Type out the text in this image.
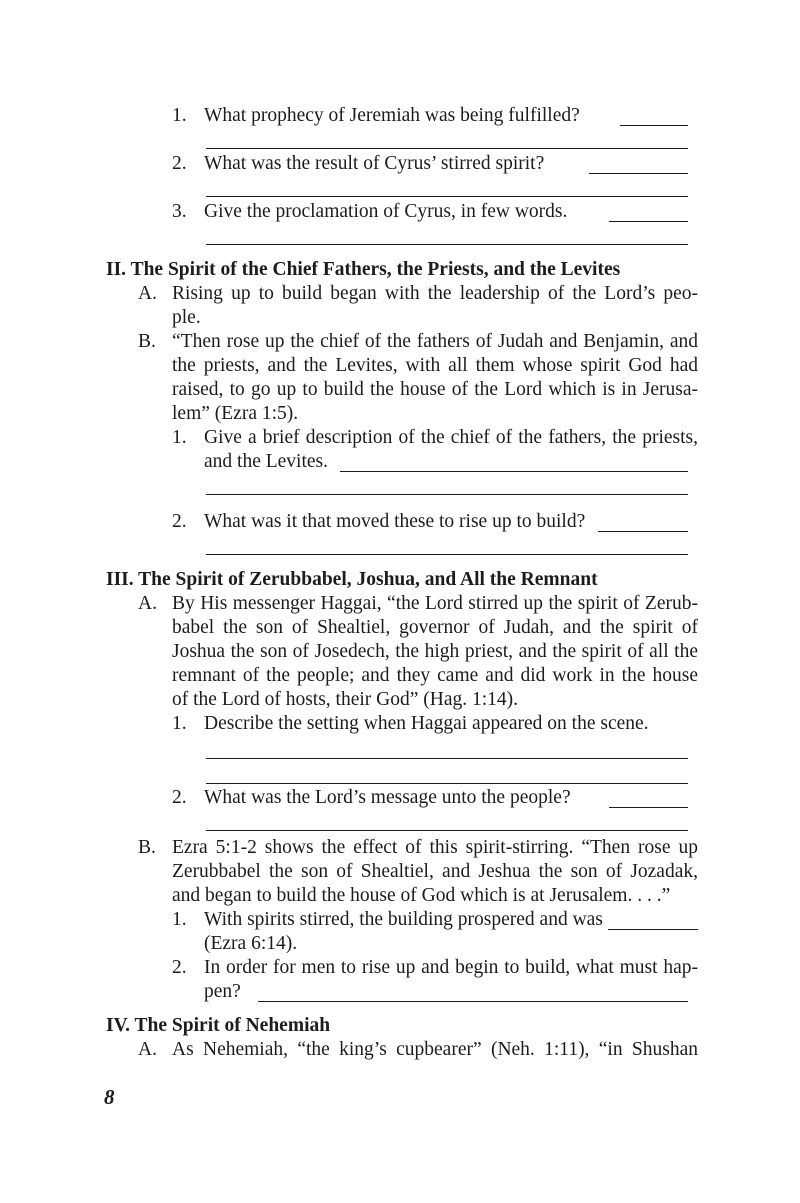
1. What prophecy of Jeremiah was being fulfilled?
2. What was the result of Cyrus’ stirred spirit?
3. Give the proclamation of Cyrus, in few words.
II. The Spirit of the Chief Fathers, the Priests, and the Levites
A. Rising up to build began with the leadership of the Lord’s peo-
ple.
B. “Then rose up the chief of the fathers of Judah and Benjamin, and
the priests, and the Levites, with all them whose spirit God had
raised, to go up to build the house of the Lord which is in Jerusa-
lem” (Ezra 1:5).
1. Give a brief description of the chief of the fathers, the priests,
and the Levites.
2. What was it that moved these to rise up to build?
III. The Spirit of Zerubbabel, Joshua, and All the Remnant
A. By His messenger Haggai, “the Lord stirred up the spirit of Zerub-
babel the son of Shealtiel, governor of Judah, and the spirit of
Joshua the son of Josedech, the high priest, and the spirit of all the
remnant of the people; and they came and did work in the house
of the Lord of hosts, their God” (Hag. 1:14).
1. Describe the setting when Haggai appeared on the scene.
2. What was the Lord’s message unto the people?
B. Ezra 5:1-2 shows the effect of this spirit-stirring. “Then rose up
Zerubbabel the son of Shealtiel, and Jeshua the son of Jozadak,
and began to build the house of God which is at Jerusalem. . . .”
1. With spirits stirred, the building prospered and was
(Ezra 6:14).
2. In order for men to rise up and begin to build, what must hap-
pen?
IV. The Spirit of Nehemiah
A. As Nehemiah, “the king’s cupbearer” (Neh. 1:11), “in Shushan
8
